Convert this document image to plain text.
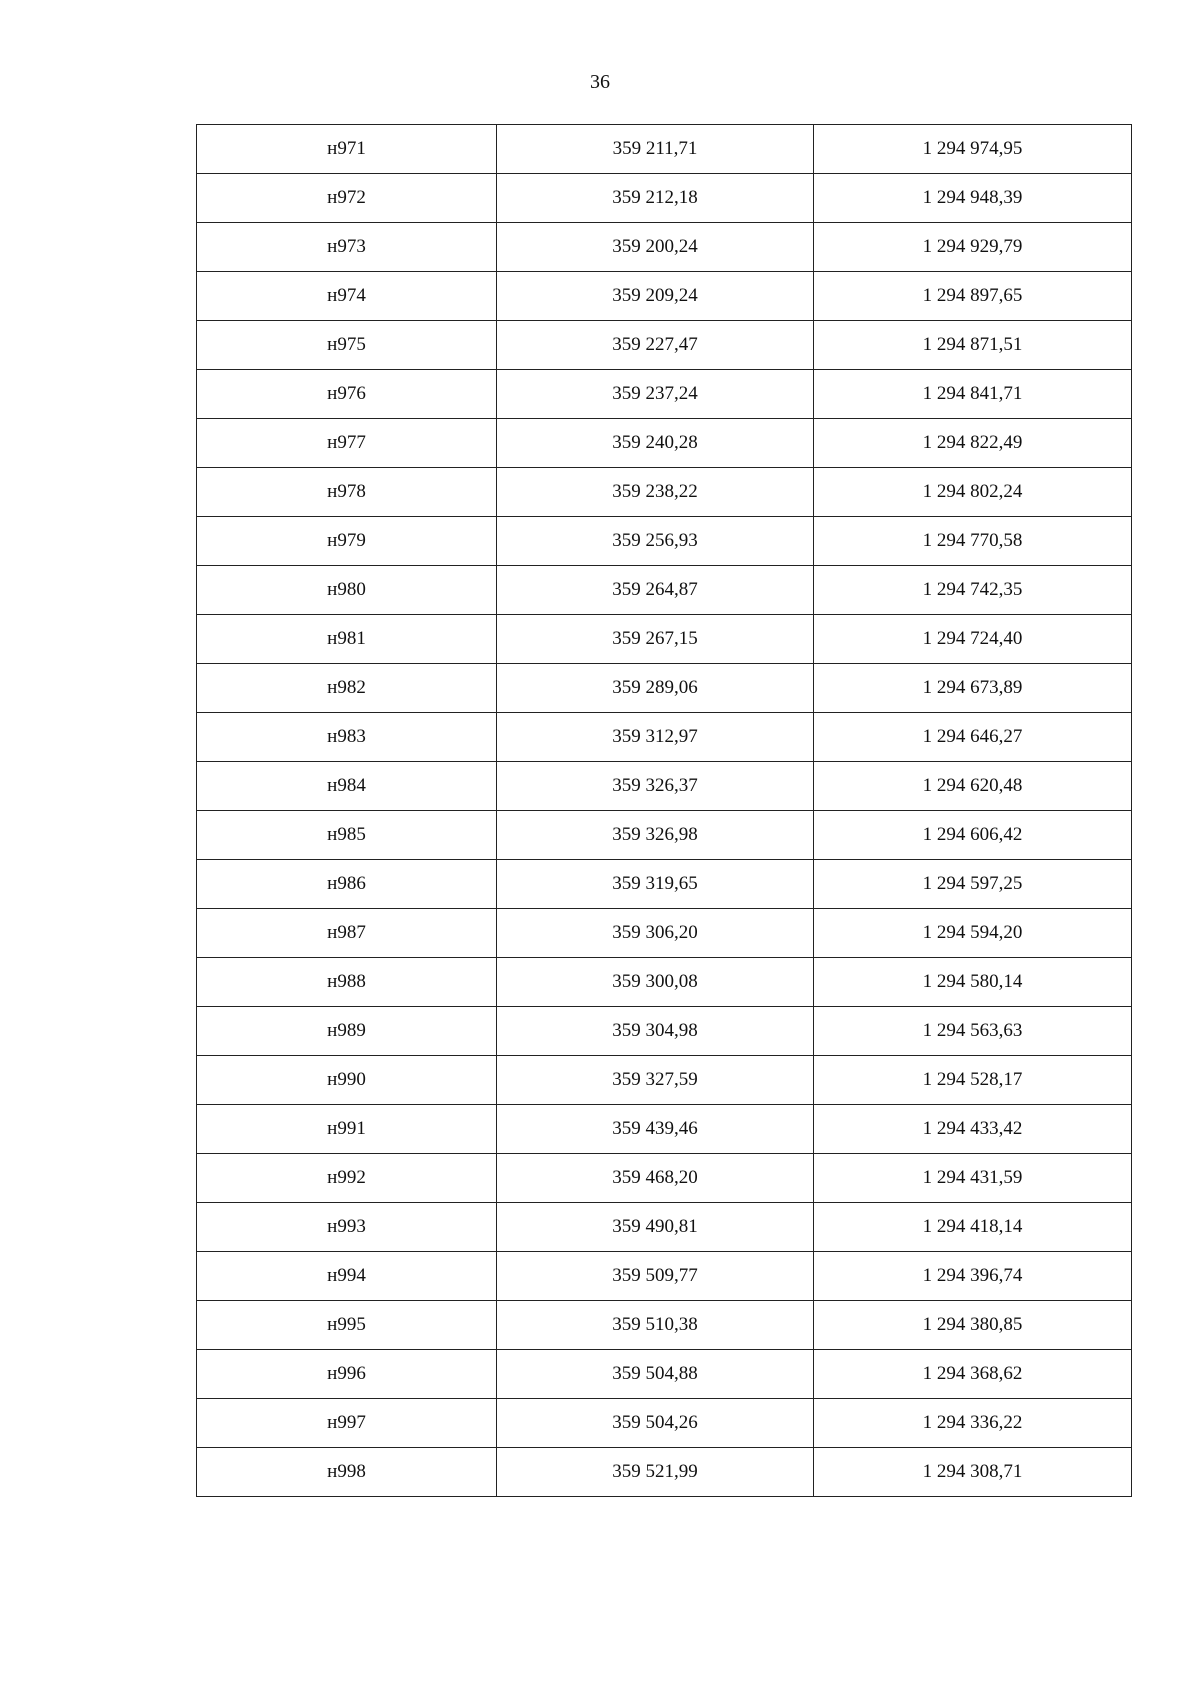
36
н971	359 211,71	1 294 974,95
н972	359 212,18	1 294 948,39
н973	359 200,24	1 294 929,79
н974	359 209,24	1 294 897,65
н975	359 227,47	1 294 871,51
н976	359 237,24	1 294 841,71
н977	359 240,28	1 294 822,49
н978	359 238,22	1 294 802,24
н979	359 256,93	1 294 770,58
н980	359 264,87	1 294 742,35
н981	359 267,15	1 294 724,40
н982	359 289,06	1 294 673,89
н983	359 312,97	1 294 646,27
н984	359 326,37	1 294 620,48
н985	359 326,98	1 294 606,42
н986	359 319,65	1 294 597,25
н987	359 306,20	1 294 594,20
н988	359 300,08	1 294 580,14
н989	359 304,98	1 294 563,63
н990	359 327,59	1 294 528,17
н991	359 439,46	1 294 433,42
н992	359 468,20	1 294 431,59
н993	359 490,81	1 294 418,14
н994	359 509,77	1 294 396,74
н995	359 510,38	1 294 380,85
н996	359 504,88	1 294 368,62
н997	359 504,26	1 294 336,22
н998	359 521,99	1 294 308,71
